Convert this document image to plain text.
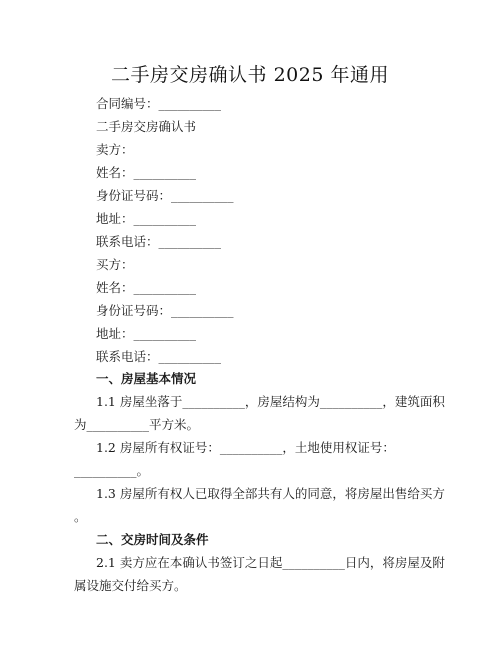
二手房交房确认书 2025 年通用
合同编号：__________
二手房交房确认书
卖方：
姓名：__________
身份证号码：__________
地址：__________
联系电话：__________
买方：
姓名：__________
身份证号码：__________
地址：__________
联系电话：__________
一、房屋基本情况
1.1 房屋坐落于__________，房屋结构为__________，建筑面积
为__________平方米。
1.2 房屋所有权证号：__________，土地使用权证号：
__________。
1.3 房屋所有权人已取得全部共有人的同意，将房屋出售给买方
。
二、交房时间及条件
2.1 卖方应在本确认书签订之日起__________日内，将房屋及附
属设施交付给买方。
